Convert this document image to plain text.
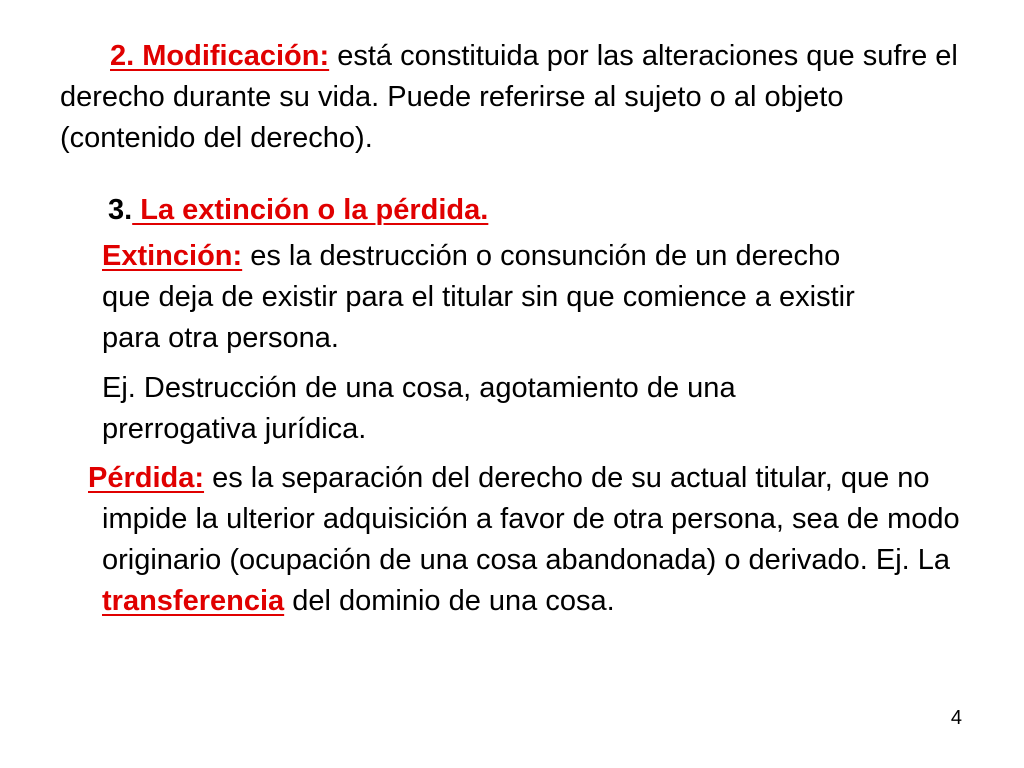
2. Modificación: está constituida por las alteraciones que sufre el derecho durante su vida. Puede referirse al sujeto o al objeto (contenido del derecho).

3. La extinción o la pérdida.

Extinción: es la destrucción o consunción de un derecho que deja de existir para el titular sin que comience a existir para otra persona.

Ej. Destrucción de una cosa, agotamiento de una prerrogativa jurídica.

Pérdida: es la separación del derecho de su actual titular, que no impide la ulterior adquisición a favor de otra persona, sea de modo originario (ocupación de una cosa abandonada) o derivado. Ej. La transferencia del dominio de una cosa.

4
